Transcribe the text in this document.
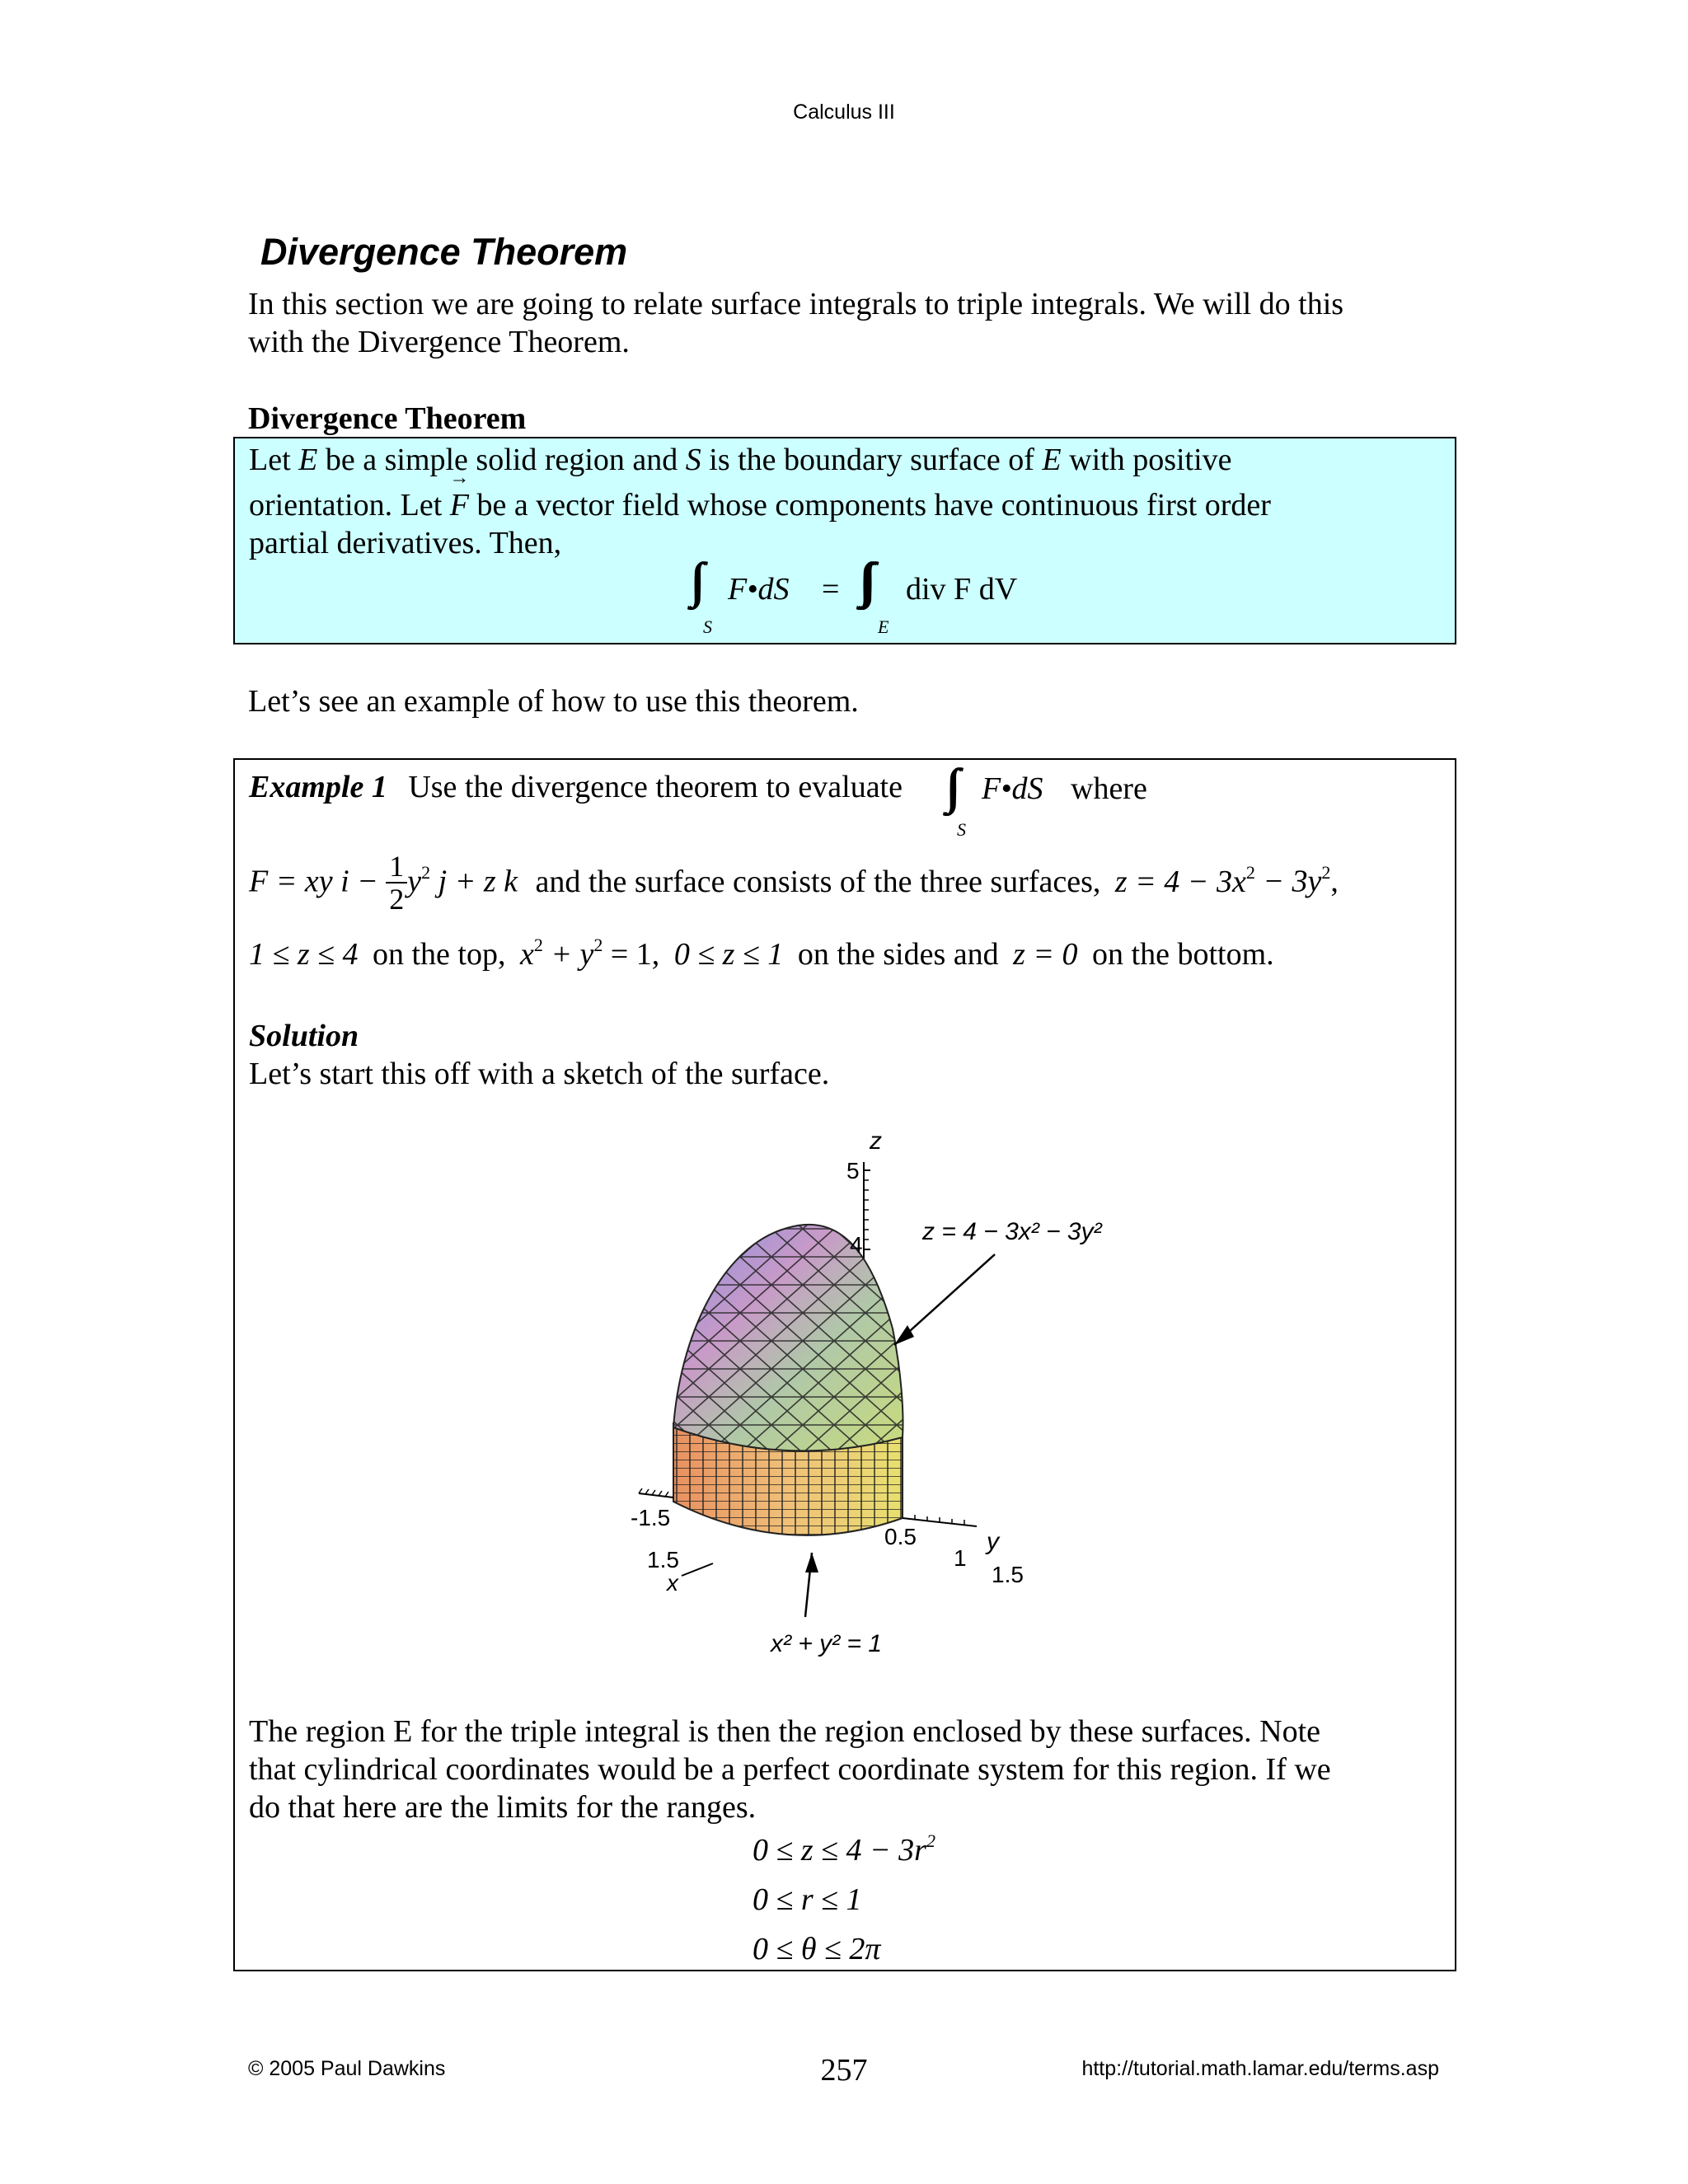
Calculus III
Divergence Theorem
In this section we are going to relate surface integrals to triple integrals. We will do this
with the Divergence Theorem.
Divergence Theorem
Let E be a simple solid region and S is the boundary surface of E with positive
orientation. Let → F be a vector field whose components have continuous first order
partial derivatives. Then,
∫∫ F•dS = ∫∫∫ div F dV
S	E
Let’s see an example of how to use this theorem.
Example 1 Use the divergence theorem to evaluate ∫∫ F•dS where
S
F = xy $i - \frac{1}{2} y^2$ j + z k and the surface consists of the three surfaces, $z = 4 - 3x^2 - 3y^2$,
1 ≤ z ≤ 4 on the top, $x^2 + y^2 = 1$, 0 ≤ z ≤ 1 on the sides and z = 0 on the bottom.
Solution
Let’s start this off with a sketch of the surface.
z
5
4 z = 4 − 3x² − 3y²
-1.5
1.5
x
0.5
1
1.5
y
x² + y² = 1
The region E for the triple integral is then the region enclosed by these surfaces. Note
that cylindrical coordinates would be a perfect coordinate system for this region. If we
do that here are the limits for the ranges.
$0 \le z \le 4 - 3r^2$
0 ≤ r ≤ 1
0 ≤ θ ≤ 2π
© 2005 Paul Dawkins	257	http://tutorial.math.lamar.edu/terms.asp
